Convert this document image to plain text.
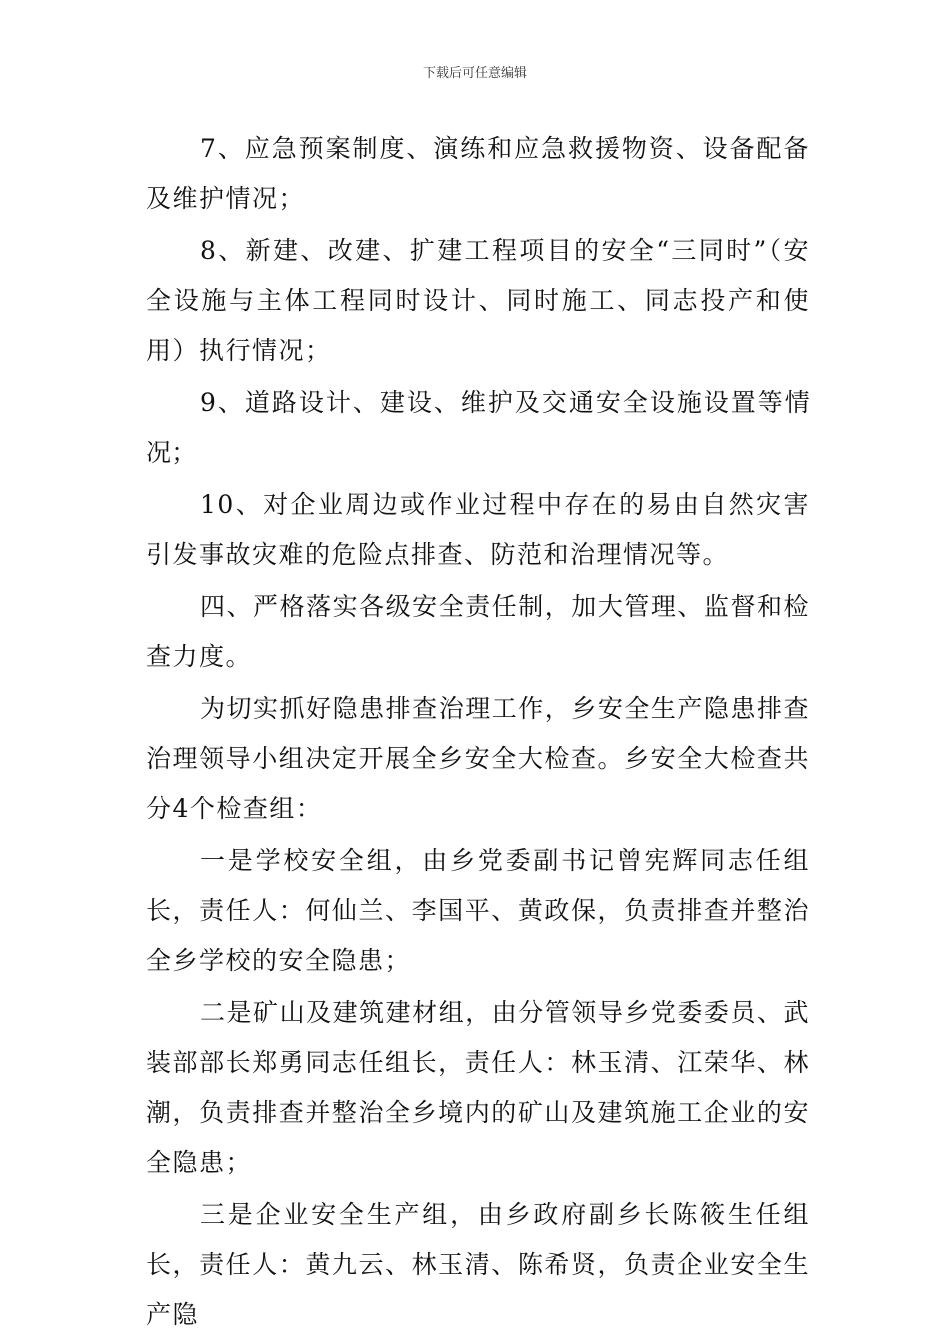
下载后可任意编辑

7、应急预案制度、演练和应急救援物资、设备配备及维护情况；

8、新建、改建、扩建工程项目的安全“三同时”（安全设施与主体工程同时设计、同时施工、同志投产和使用）执行情况；

9、道路设计、建设、维护及交通安全设施设置等情况；

10、对企业周边或作业过程中存在的易由自然灾害引发事故灾难的危险点排查、防范和治理情况等。

四、严格落实各级安全责任制，加大管理、监督和检查力度。

为切实抓好隐患排查治理工作，乡安全生产隐患排查治理领导小组决定开展全乡安全大检查。乡安全大检查共分4个检查组：

一是学校安全组，由乡党委副书记曾宪辉同志任组长，责任人：何仙兰、李国平、黄政保，负责排查并整治全乡学校的安全隐患；

二是矿山及建筑建材组，由分管领导乡党委委员、武装部部长郑勇同志任组长，责任人：林玉清、江荣华、林潮，负责排查并整治全乡境内的矿山及建筑施工企业的安全隐患；

三是企业安全生产组，由乡政府副乡长陈筱生任组长，责任人：黄九云、林玉清、陈希贤，负责企业安全生产隐
